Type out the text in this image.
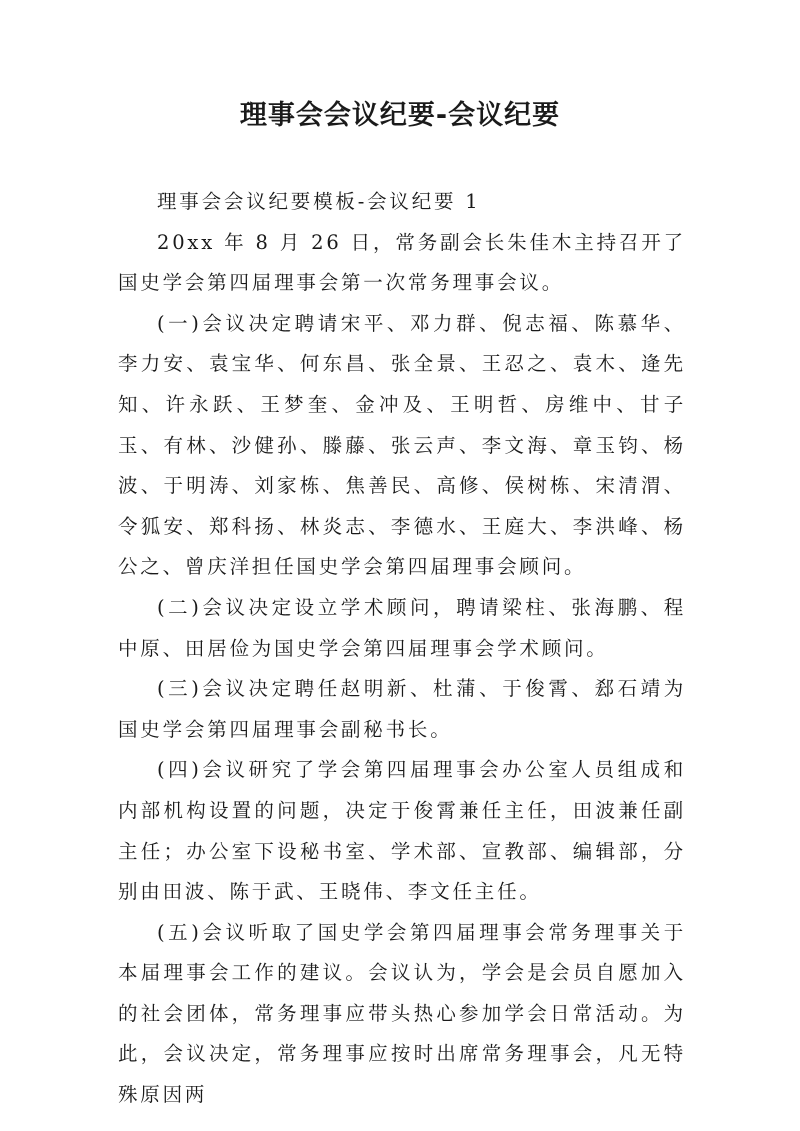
理事会会议纪要-会议纪要

理事会会议纪要模板-会议纪要 1

20xx 年 8 月 26 日，常务副会长朱佳木主持召开了国史学会第四届理事会第一次常务理事会议。

(一)会议决定聘请宋平、邓力群、倪志福、陈慕华、李力安、袁宝华、何东昌、张全景、王忍之、袁木、逄先知、许永跃、王梦奎、金冲及、王明哲、房维中、甘子玉、有林、沙健孙、滕藤、张云声、李文海、章玉钧、杨波、于明涛、刘家栋、焦善民、高修、侯树栋、宋清渭、令狐安、郑科扬、林炎志、李德水、王庭大、李洪峰、杨公之、曾庆洋担任国史学会第四届理事会顾问。

(二)会议决定设立学术顾问，聘请梁柱、张海鹏、程中原、田居俭为国史学会第四届理事会学术顾问。

(三)会议决定聘任赵明新、杜蒲、于俊霄、郄石靖为国史学会第四届理事会副秘书长。

(四)会议研究了学会第四届理事会办公室人员组成和内部机构设置的问题，决定于俊霄兼任主任，田波兼任副主任；办公室下设秘书室、学术部、宣教部、编辑部，分别由田波、陈于武、王晓伟、李文任主任。

(五)会议听取了国史学会第四届理事会常务理事关于本届理事会工作的建议。会议认为，学会是会员自愿加入的社会团体，常务理事应带头热心参加学会日常活动。为此，会议决定，常务理事应按时出席常务理事会，凡无特殊原因两
